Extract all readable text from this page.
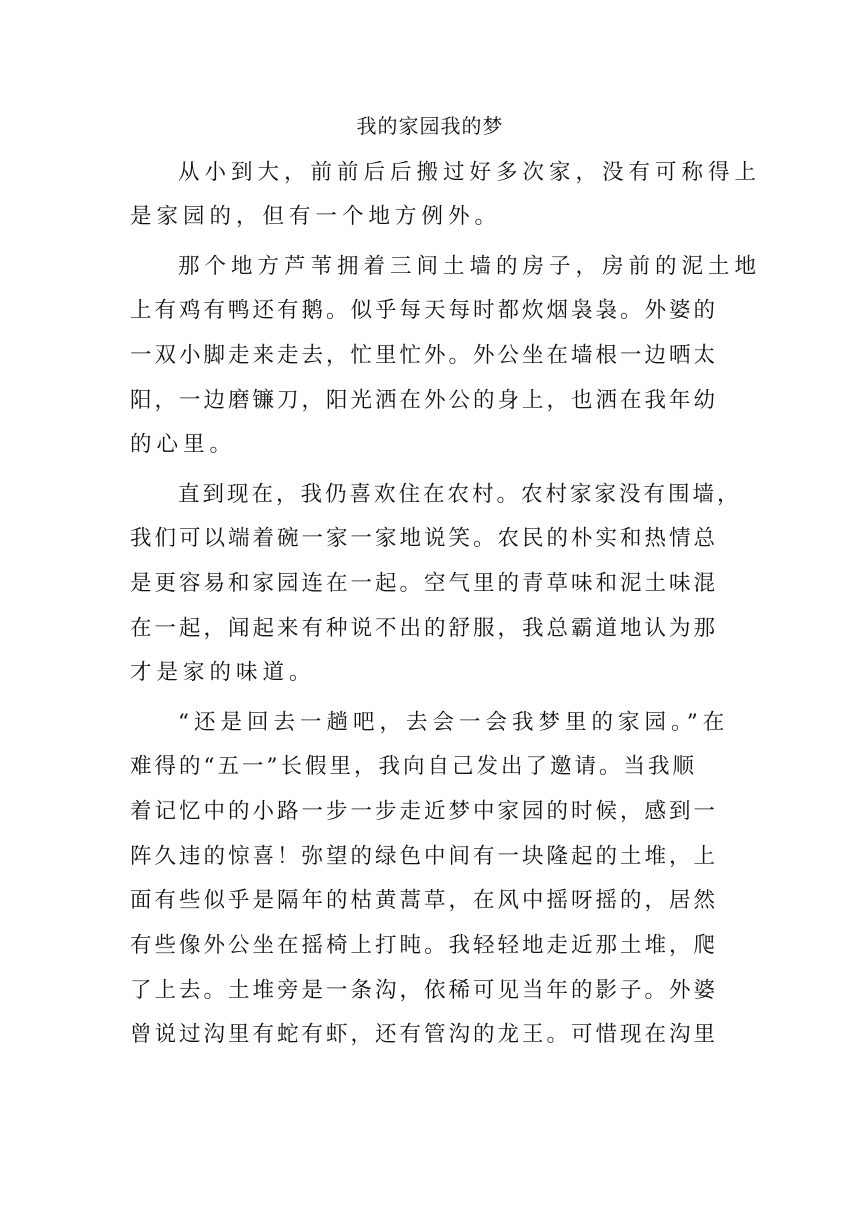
我的家园我的梦
从小到大，前前后后搬过好多次家，没有可称得上
是家园的，但有一个地方例外。
那个地方芦苇拥着三间土墙的房子，房前的泥土地
上有鸡有鸭还有鹅。似乎每天每时都炊烟袅袅。外婆的
一双小脚走来走去，忙里忙外。外公坐在墙根一边晒太
阳，一边磨镰刀，阳光洒在外公的身上，也洒在我年幼
的心里。
直到现在，我仍喜欢住在农村。农村家家没有围墙，
我们可以端着碗一家一家地说笑。农民的朴实和热情总
是更容易和家园连在一起。空气里的青草味和泥土味混
在一起，闻起来有种说不出的舒服，我总霸道地认为那
才是家的味道。
“还是回去一趟吧，去会一会我梦里的家园。”在
难得的“五一”长假里，我向自己发出了邀请。当我顺
着记忆中的小路一步一步走近梦中家园的时候，感到一
阵久违的惊喜！弥望的绿色中间有一块隆起的土堆，上
面有些似乎是隔年的枯黄蒿草，在风中摇呀摇的，居然
有些像外公坐在摇椅上打盹。我轻轻地走近那土堆，爬
了上去。土堆旁是一条沟，依稀可见当年的影子。外婆
曾说过沟里有蛇有虾，还有管沟的龙王。可惜现在沟里
